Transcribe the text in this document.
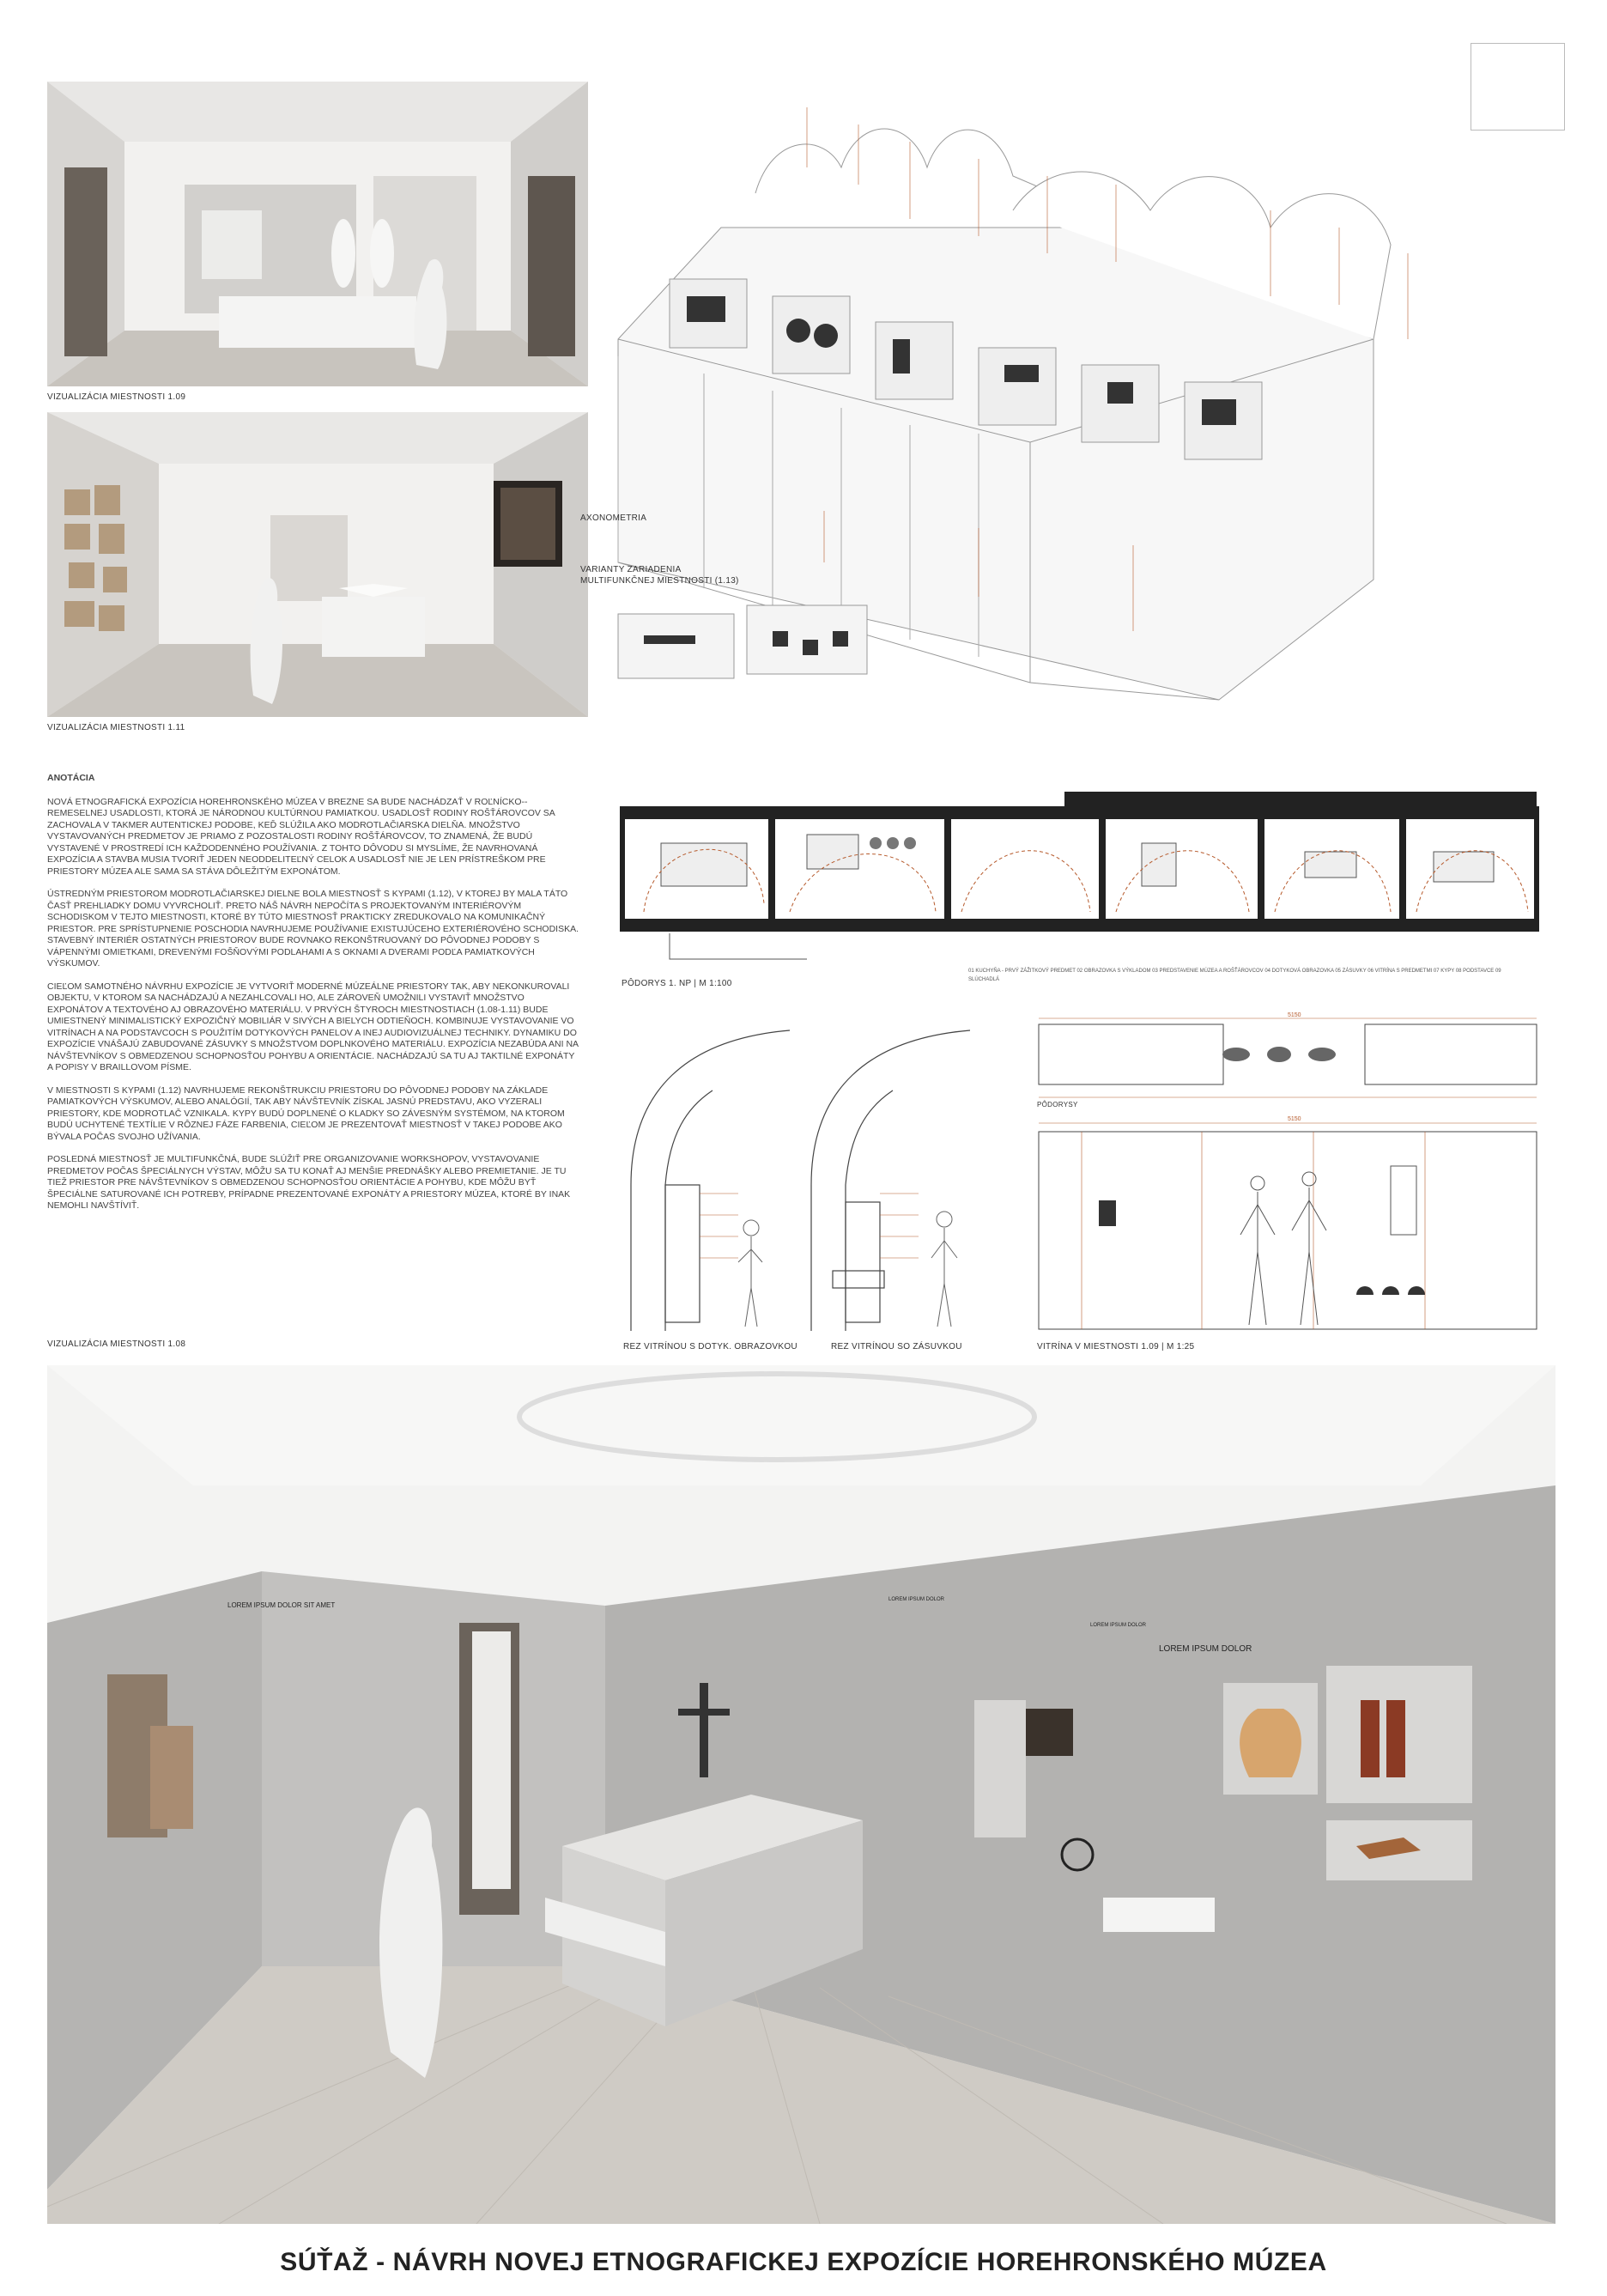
VIZUALIZÁCIA MIESTNOSTI 1.09
VIZUALIZÁCIA MIESTNOSTI 1.11
AXONOMETRIA
VARIANTY ZARIADENIA
MULTIFUNKČNEJ MIESTNOSTI (1.13)
ANOTÁCIA

NOVÁ ETNOGRAFICKÁ EXPOZÍCIA HOREHRONSKÉHO MÚZEA V BREZNE SA BUDE NACHÁDZAŤ V ROĽNÍCKO--REMESELNEJ USADLOSTI, KTORÁ JE NÁRODNOU KULTÚRNOU PAMIATKOU. USADLOSŤ RODINY ROŠŤÁROVCOV SA ZACHOVALA V TAKMER AUTENTICKEJ PODOBE, KEĎ SLÚŽILA AKO MODROTLAČIARSKA DIELŇA. MNOŽSTVO VYSTAVOVANÝCH PREDMETOV JE PRIAMO Z POZOSTALOSTI RODINY ROŠŤÁROVCOV, TO ZNAMENÁ, ŽE BUDÚ VYSTAVENÉ V PROSTREDÍ ICH KAŽDODENNÉHO POUŽÍVANIA. Z TOHTO DÔVODU SI MYSLÍME, ŽE NAVRHOVANÁ EXPOZÍCIA A STAVBA MUSIA TVORIŤ JEDEN NEODDELITEĽNÝ CELOK A USADLOSŤ NIE JE LEN PRÍSTREŠKOM PRE PRIESTORY MÚZEA ALE SAMA SA STÁVA DÔLEŽITÝM EXPONÁTOM.

ÚSTREDNÝM PRIESTOROM MODROTLAČIARSKEJ DIELNE BOLA MIESTNOSŤ S KYPAMI (1.12), V KTOREJ BY MALA TÁTO ČASŤ PREHLIADKY DOMU VYVRCHOLIŤ. PRETO NÁŠ NÁVRH NEPOČÍTA S PROJEKTOVANÝM INTERIÉROVÝM SCHODISKOM V TEJTO MIESTNOSTI, KTORÉ BY TÚTO MIESTNOSŤ PRAKTICKY ZREDUKOVALO NA KOMUNIKAČNÝ PRIESTOR. PRE SPRÍSTUPNENIE POSCHODIA NAVRHUJEME POUŽÍVANIE EXISTUJÚCEHO EXTERIÉROVÉHO SCHODISKA. STAVEBNÝ INTERIÉR OSTATNÝCH PRIESTOROV BUDE ROVNAKO REKONŠTRUOVANÝ DO PÔVODNEJ PODOBY S VÁPENNÝMI OMIETKAMI, DREVENÝMI FOŠŇOVÝMI PODLAHAMI A S OKNAMI A DVERAMI PODĽA PAMIATKOVÝCH VÝSKUMOV.

CIEĽOM SAMOTNÉHO NÁVRHU EXPOZÍCIE JE VYTVORIŤ MODERNÉ MÚZEÁLNE PRIESTORY TAK, ABY NEKONKUROVALI OBJEKTU, V KTOROM SA NACHÁDZAJÚ A NEZAHLCOVALI HO, ALE ZÁROVEŇ UMOŽNILI VYSTAVIŤ MNOŽSTVO EXPONÁTOV A TEXTOVÉHO AJ OBRAZOVÉHO MATERIÁLU. V PRVÝCH ŠTYROCH MIESTNOSTIACH (1.08-1.11) BUDE UMIESTNENÝ MINIMALISTICKÝ EXPOZIČNÝ MOBILIÁR V SIVÝCH A BIELYCH ODTIEŇOCH. KOMBINUJE VYSTAVOVANIE VO VITRÍNACH A NA PODSTAVCOCH S POUŽITÍM DOTYKOVÝCH PANELOV A INEJ AUDIOVIZUÁLNEJ TECHNIKY. DYNAMIKU DO EXPOZÍCIE VNÁŠAJÚ ZABUDOVANÉ ZÁSUVKY S MNOŽSTVOM DOPLNKOVÉHO MATERIÁLU. EXPOZÍCIA NEZABÚDA ANI NA NÁVŠTEVNÍKOV S OBMEDZENOU SCHOPNOSŤOU POHYBU A ORIENTÁCIE. NACHÁDZAJÚ SA TU AJ TAKTILNÉ EXPONÁTY A POPISY V BRAILLOVOM PÍSME.

V MIESTNOSTI S KYPAMI (1.12) NAVRHUJEME REKONŠTRUKCIU PRIESTORU DO PÔVODNEJ PODOBY NA ZÁKLADE PAMIATKOVÝCH VÝSKUMOV, ALEBO ANALÓGIÍ, TAK ABY NÁVŠTEVNÍK ZÍSKAL JASNÚ PREDSTAVU, AKO VYZERALI PRIESTORY, KDE MODROTLAČ VZNIKALA. KYPY BUDÚ DOPLNENÉ O KLADKY SO ZÁVESNÝM SYSTÉMOM, NA KTOROM BUDÚ UCHYTENÉ TEXTÍLIE V RÔZNEJ FÁZE FARBENIA, CIEĽOM JE PREZENTOVAŤ MIESTNOSŤ V TAKEJ PODOBE AKO BÝVALA POČAS SVOJHO UŽÍVANIA.

POSLEDNÁ MIESTNOSŤ JE MULTIFUNKČNÁ, BUDE SLÚŽIŤ PRE ORGANIZOVANIE WORKSHOPOV, VYSTAVOVANIE PREDMETOV POČAS ŠPECIÁLNYCH VÝSTAV, MÔŽU SA TU KONAŤ AJ MENŠIE PREDNÁŠKY ALEBO PREMIETANIE. JE TU TIEŽ PRIESTOR PRE NÁVŠTEVNÍKOV S OBMEDZENOU SCHOPNOSŤOU ORIENTÁCIE A POHYBU, KDE MÔŽU BYŤ ŠPECIÁLNE SATUROVANÉ ICH POTREBY, PRÍPADNE PREZENTOVANÉ EXPONÁTY A PRIESTORY MÚZEA, KTORÉ BY INAK NEMOHLI NAVŠTÍVIŤ.

PÔDORYS 1. NP | M 1:100
01 KUCHYŇA - PRVÝ ZÁŽITKOVÝ PREDMET 02 OBRAZOVKA S VÝKLADOM 03 PREDSTAVENIE MÚZEA A ROŠŤÁROVCOV 04 DOTYKOVÁ OBRAZOVKA 05 ZÁSUVKY 06 VITRÍNA S PREDMETMI 07 KYPY 08 PODSTAVCE 09 SLÚCHADLÁ
REZ VITRÍNOU S DOTYK. OBRAZOVKOU	REZ VITRÍNOU SO ZÁSUVKOU
5150
5150
PÔDORYSY
VITRÍNA V MIESTNOSTI 1.09 | M 1:25
VIZUALIZÁCIA MIESTNOSTI 1.08
LOREM IPSUM DOLOR SIT AMET
LOREM IPSUM DOLOR
LOREM IPSUM DOLOR
LOREM IPSUM DOLOR
SÚŤAŽ - NÁVRH NOVEJ ETNOGRAFICKEJ EXPOZÍCIE HOREHRONSKÉHO MÚZEA
